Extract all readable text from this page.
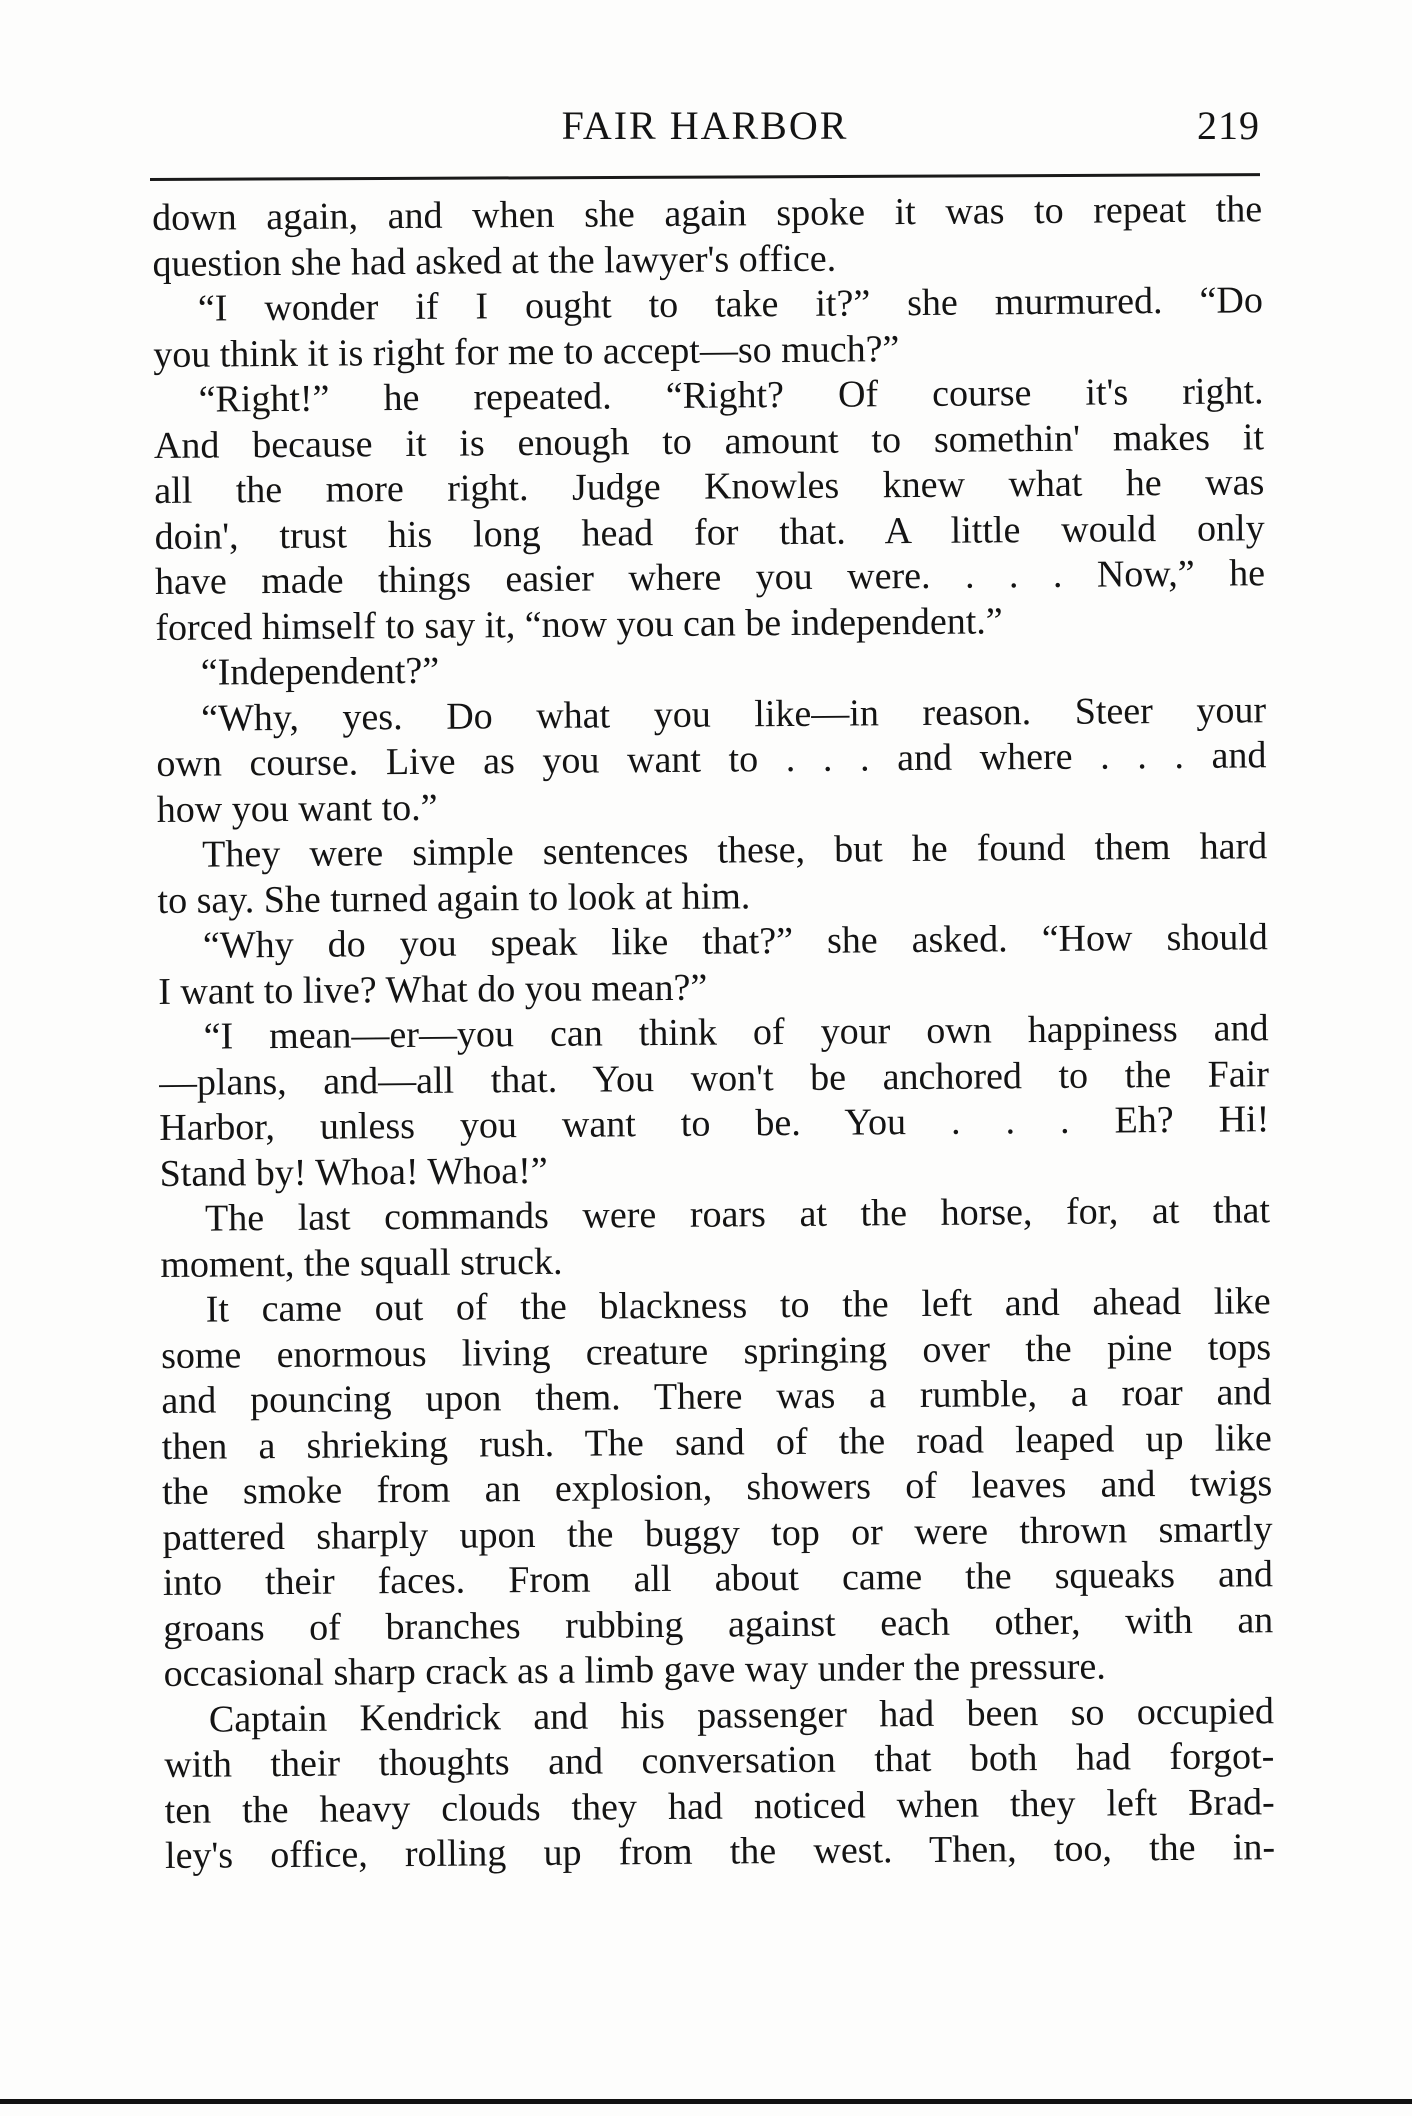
FAIR HARBOR	219
down again, and when she again spoke it was to repeat the
question she had asked at the lawyer's office.
“I wonder if I ought to take it?” she murmured. “Do
you think it is right for me to accept—so much?”
“Right!” he repeated. “Right? Of course it's right.
And because it is enough to amount to somethin' makes it
all the more right. Judge Knowles knew what he was
doin', trust his long head for that. A little would only
have made things easier where you were. . . . Now,” he
forced himself to say it, “now you can be independent.”
“Independent?”
“Why, yes. Do what you like—in reason. Steer your
own course. Live as you want to . . . and where . . . and
how you want to.”
They were simple sentences these, but he found them hard
to say. She turned again to look at him.
“Why do you speak like that?” she asked. “How should
I want to live? What do you mean?”
“I mean—er—you can think of your own happiness and
—plans, and—all that. You won't be anchored to the Fair
Harbor, unless you want to be. You . . . Eh? Hi!
Stand by! Whoa! Whoa!”
The last commands were roars at the horse, for, at that
moment, the squall struck.
It came out of the blackness to the left and ahead like
some enormous living creature springing over the pine tops
and pouncing upon them. There was a rumble, a roar and
then a shrieking rush. The sand of the road leaped up like
the smoke from an explosion, showers of leaves and twigs
pattered sharply upon the buggy top or were thrown smartly
into their faces. From all about came the squeaks and
groans of branches rubbing against each other, with an
occasional sharp crack as a limb gave way under the pressure.
Captain Kendrick and his passenger had been so occupied
with their thoughts and conversation that both had forgot-
ten the heavy clouds they had noticed when they left Brad-
ley's office, rolling up from the west. Then, too, the in-
